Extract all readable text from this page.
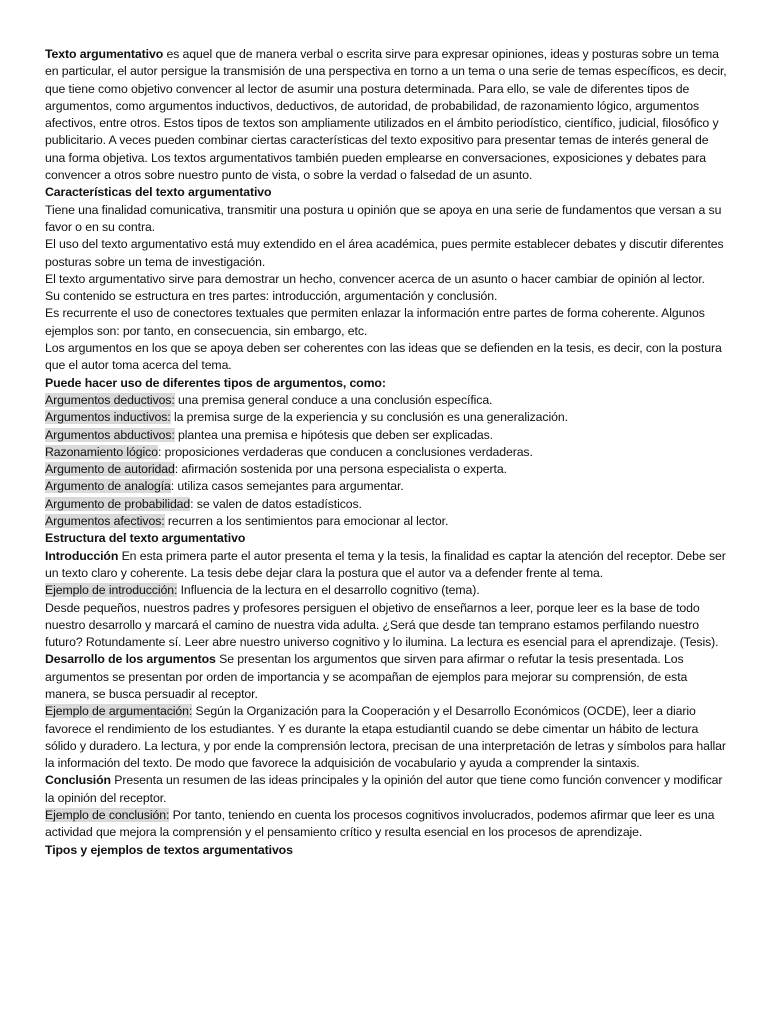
Texto argumentativo es aquel que de manera verbal o escrita sirve para expresar opiniones, ideas y posturas sobre un tema en particular, el autor persigue la transmisión de una perspectiva en torno a un tema o una serie de temas específicos, es decir, que tiene como objetivo convencer al lector de asumir una postura determinada. Para ello, se vale de diferentes tipos de argumentos, como argumentos inductivos, deductivos, de autoridad, de probabilidad, de razonamiento lógico, argumentos afectivos, entre otros. Estos tipos de textos son ampliamente utilizados en el ámbito periodístico, científico, judicial, filosófico y publicitario. A veces pueden combinar ciertas características del texto expositivo para presentar temas de interés general de una forma objetiva. Los textos argumentativos también pueden emplearse en conversaciones, exposiciones y debates para convencer a otros sobre nuestro punto de vista, o sobre la verdad o falsedad de un asunto.

Características del texto argumentativo

Tiene una finalidad comunicativa, transmitir una postura u opinión que se apoya en una serie de fundamentos que versan a su favor o en su contra.

El uso del texto argumentativo está muy extendido en el área académica, pues permite establecer debates y discutir diferentes posturas sobre un tema de investigación.

El texto argumentativo sirve para demostrar un hecho, convencer acerca de un asunto o hacer cambiar de opinión al lector.

Su contenido se estructura en tres partes: introducción, argumentación y conclusión.

Es recurrente el uso de conectores textuales que permiten enlazar la información entre partes de forma coherente. Algunos ejemplos son: por tanto, en consecuencia, sin embargo, etc.

Los argumentos en los que se apoya deben ser coherentes con las ideas que se defienden en la tesis, es decir, con la postura que el autor toma acerca del tema.

Puede hacer uso de diferentes tipos de argumentos, como:

Argumentos deductivos: una premisa general conduce a una conclusión específica.

Argumentos inductivos: la premisa surge de la experiencia y su conclusión es una generalización.

Argumentos abductivos: plantea una premisa e hipótesis que deben ser explicadas.

Razonamiento lógico: proposiciones verdaderas que conducen a conclusiones verdaderas.

Argumento de autoridad: afirmación sostenida por una persona especialista o experta.

Argumento de analogía: utiliza casos semejantes para argumentar.

Argumento de probabilidad: se valen de datos estadísticos.

Argumentos afectivos: recurren a los sentimientos para emocionar al lector.

Estructura del texto argumentativo

Introducción En esta primera parte el autor presenta el tema y la tesis, la finalidad es captar la atención del receptor. Debe ser un texto claro y coherente. La tesis debe dejar clara la postura que el autor va a defender frente al tema.

Ejemplo de introducción: Influencia de la lectura en el desarrollo cognitivo (tema).

Desde pequeños, nuestros padres y profesores persiguen el objetivo de enseñarnos a leer, porque leer es la base de todo nuestro desarrollo y marcará el camino de nuestra vida adulta. ¿Será que desde tan temprano estamos perfilando nuestro futuro? Rotundamente sí. Leer abre nuestro universo cognitivo y lo ilumina. La lectura es esencial para el aprendizaje. (Tesis).

Desarrollo de los argumentos Se presentan los argumentos que sirven para afirmar o refutar la tesis presentada. Los argumentos se presentan por orden de importancia y se acompañan de ejemplos para mejorar su comprensión, de esta manera, se busca persuadir al receptor.

Ejemplo de argumentación: Según la Organización para la Cooperación y el Desarrollo Económicos (OCDE), leer a diario favorece el rendimiento de los estudiantes. Y es durante la etapa estudiantil cuando se debe cimentar un hábito de lectura sólido y duradero. La lectura, y por ende la comprensión lectora, precisan de una interpretación de letras y símbolos para hallar la información del texto. De modo que favorece la adquisición de vocabulario y ayuda a comprender la sintaxis.

Conclusión Presenta un resumen de las ideas principales y la opinión del autor que tiene como función convencer y modificar la opinión del receptor.

Ejemplo de conclusión: Por tanto, teniendo en cuenta los procesos cognitivos involucrados, podemos afirmar que leer es una actividad que mejora la comprensión y el pensamiento crítico y resulta esencial en los procesos de aprendizaje.

Tipos y ejemplos de textos argumentativos
